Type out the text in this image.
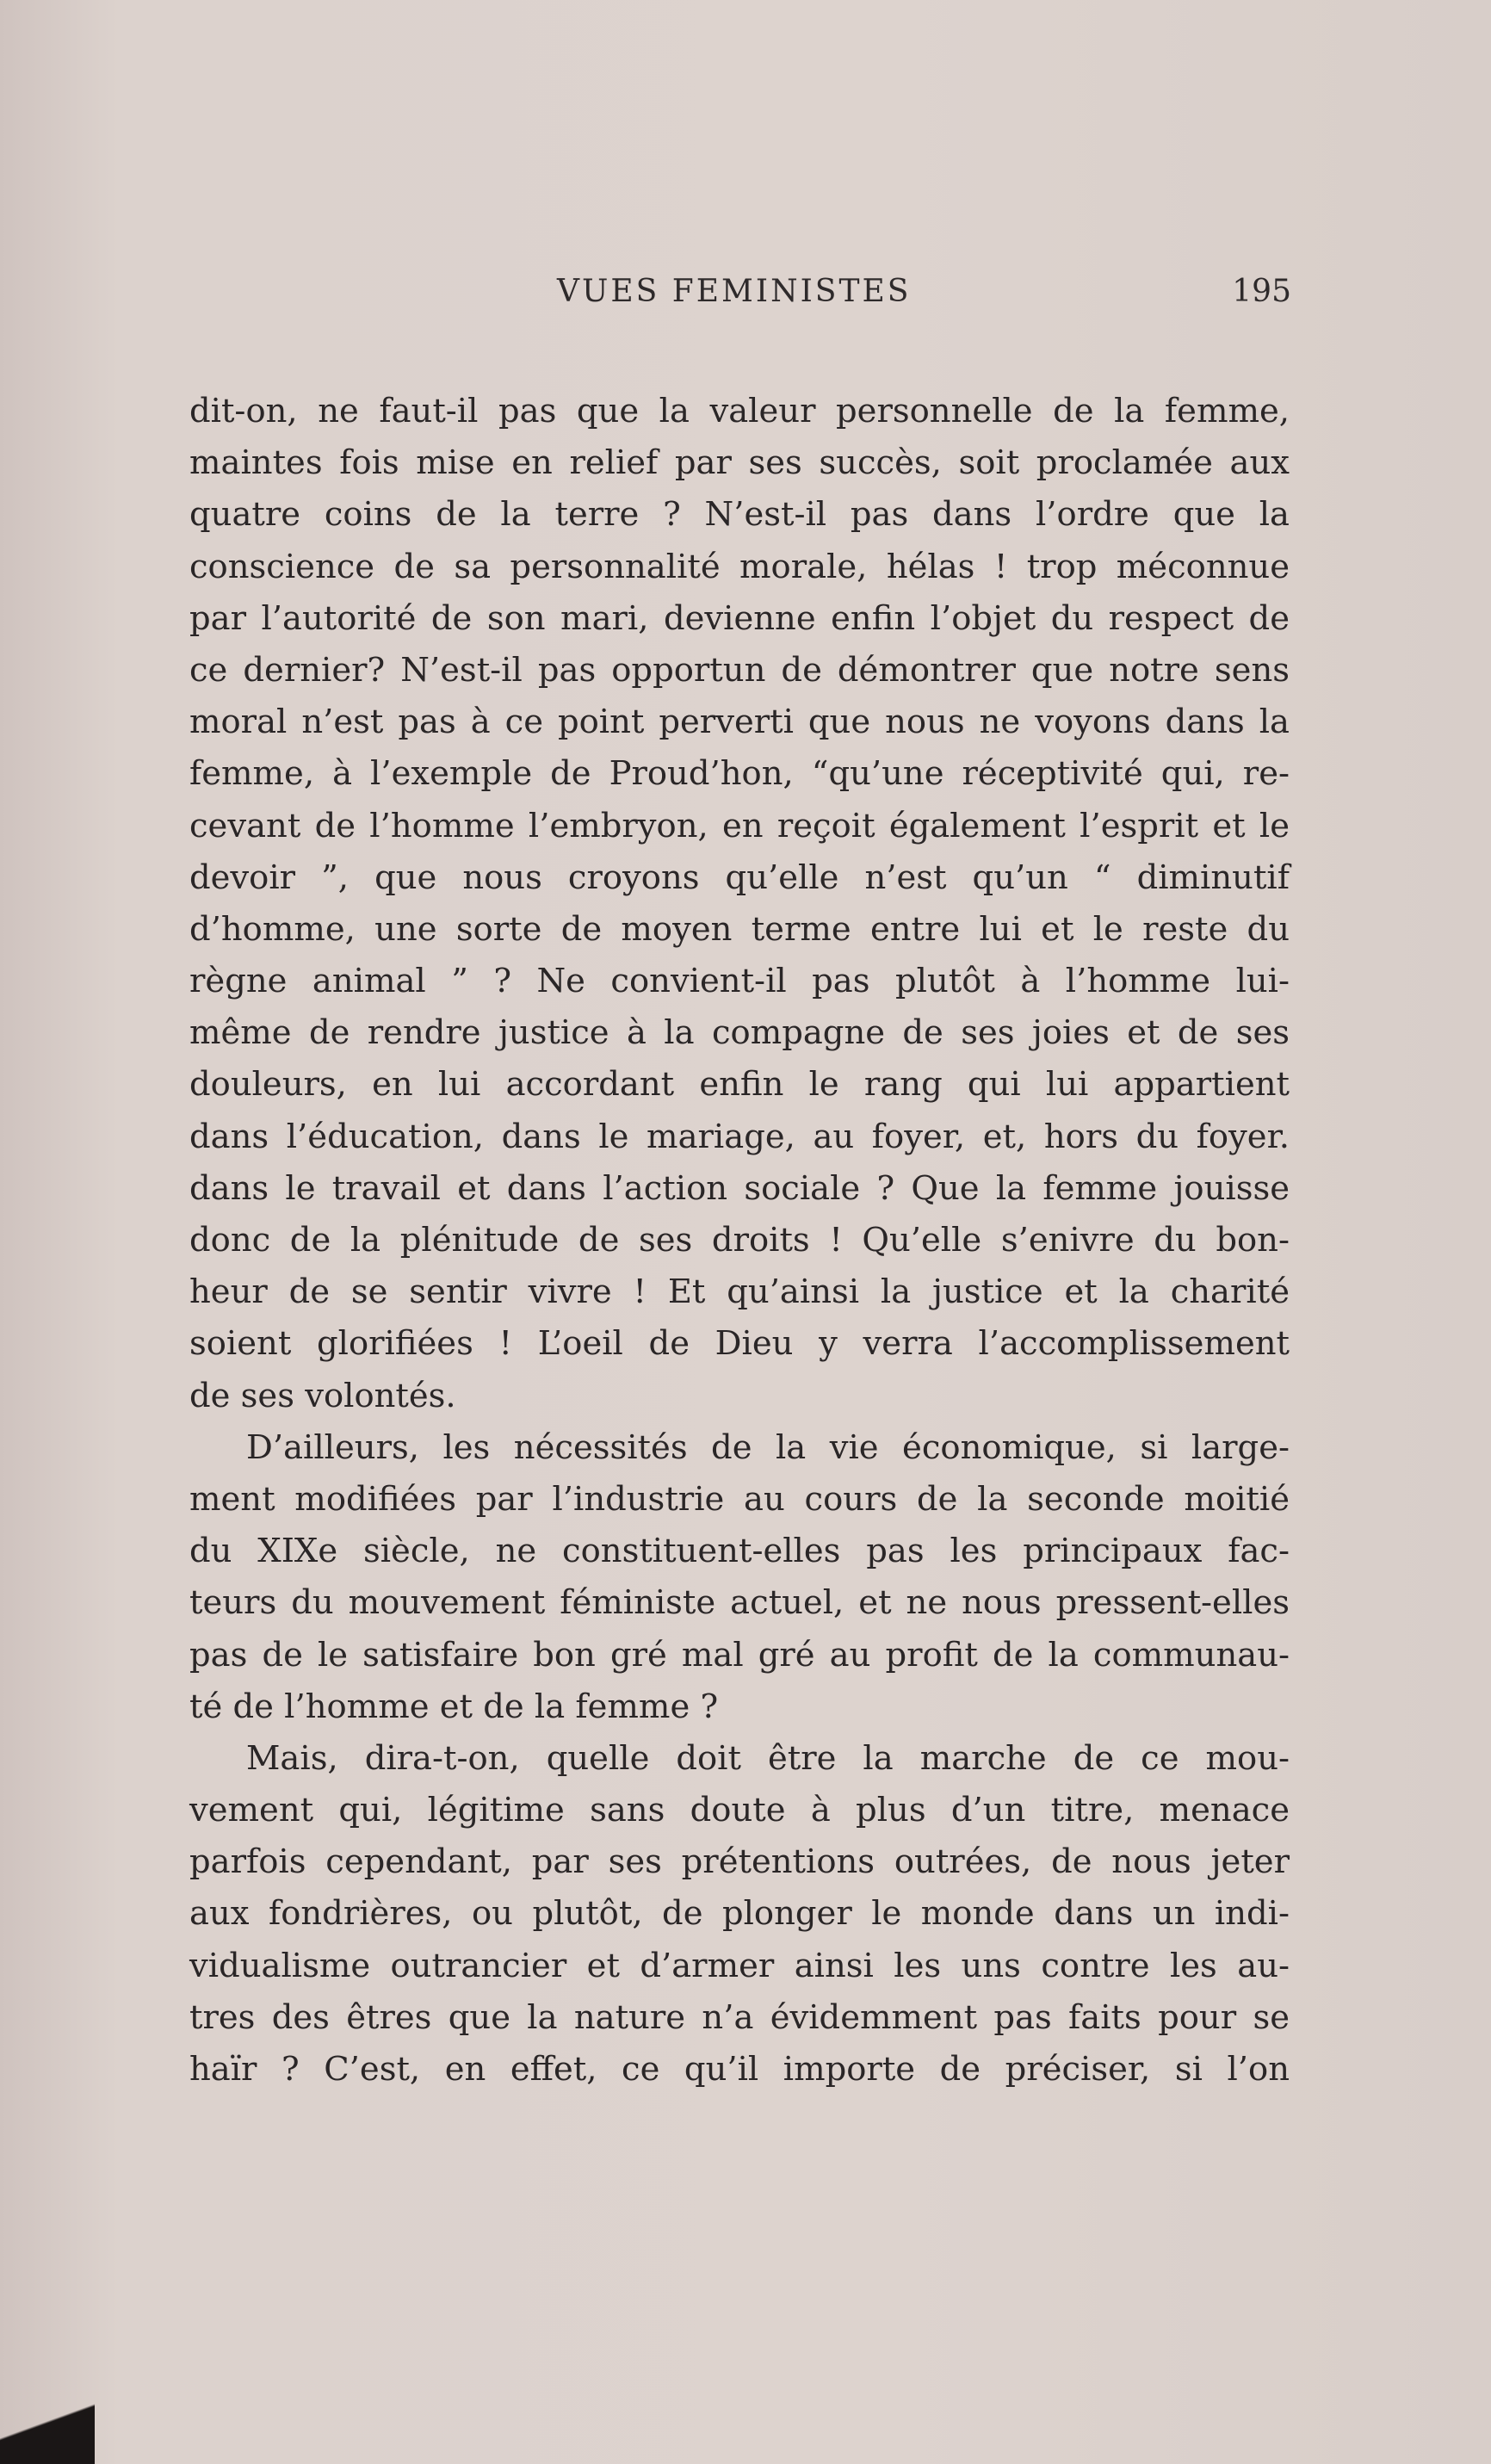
VUES FEMINISTES	195
dit-on, ne faut-il pas que la valeur personnelle de la femme,
maintes fois mise en relief par ses succès, soit proclamée aux
quatre coins de la terre ? N’est-il pas dans l’ordre que la
conscience de sa personnalité morale, hélas ! trop méconnue
par l’autorité de son mari, devienne enfin l’objet du respect de
ce dernier? N’est-il pas opportun de démontrer que notre sens
moral n’est pas à ce point perverti que nous ne voyons dans la
femme, à l’exemple de Proud’hon, “qu’une réceptivité qui, re-
cevant de l’homme l’embryon, en reçoit également l’esprit et le
devoir ”, que nous croyons qu’elle n’est qu’un “ diminutif
d’homme, une sorte de moyen terme entre lui et le reste du
règne animal ” ? Ne convient-il pas plutôt à l’homme lui-
même de rendre justice à la compagne de ses joies et de ses
douleurs, en lui accordant enfin le rang qui lui appartient
dans l’éducation, dans le mariage, au foyer, et, hors du foyer.
dans le travail et dans l’action sociale ? Que la femme jouisse
donc de la plénitude de ses droits ! Qu’elle s’enivre du bon-
heur de se sentir vivre ! Et qu’ainsi la justice et la charité
soient glorifiées ! L’oeil de Dieu y verra l’accomplissement
de ses volontés.
D’ailleurs, les nécessités de la vie économique, si large-
ment modifiées par l’industrie au cours de la seconde moitié
du XIXe siècle, ne constituent-elles pas les principaux fac-
teurs du mouvement féministe actuel, et ne nous pressent-elles
pas de le satisfaire bon gré mal gré au profit de la communau-
té de l’homme et de la femme ?
Mais, dira-t-on, quelle doit être la marche de ce mou-
vement qui, légitime sans doute à plus d’un titre, menace
parfois cependant, par ses prétentions outrées, de nous jeter
aux fondrières, ou plutôt, de plonger le monde dans un indi-
vidualisme outrancier et d’armer ainsi les uns contre les au-
tres des êtres que la nature n’a évidemment pas faits pour se
haïr ? C’est, en effet, ce qu’il importe de préciser, si l’on
